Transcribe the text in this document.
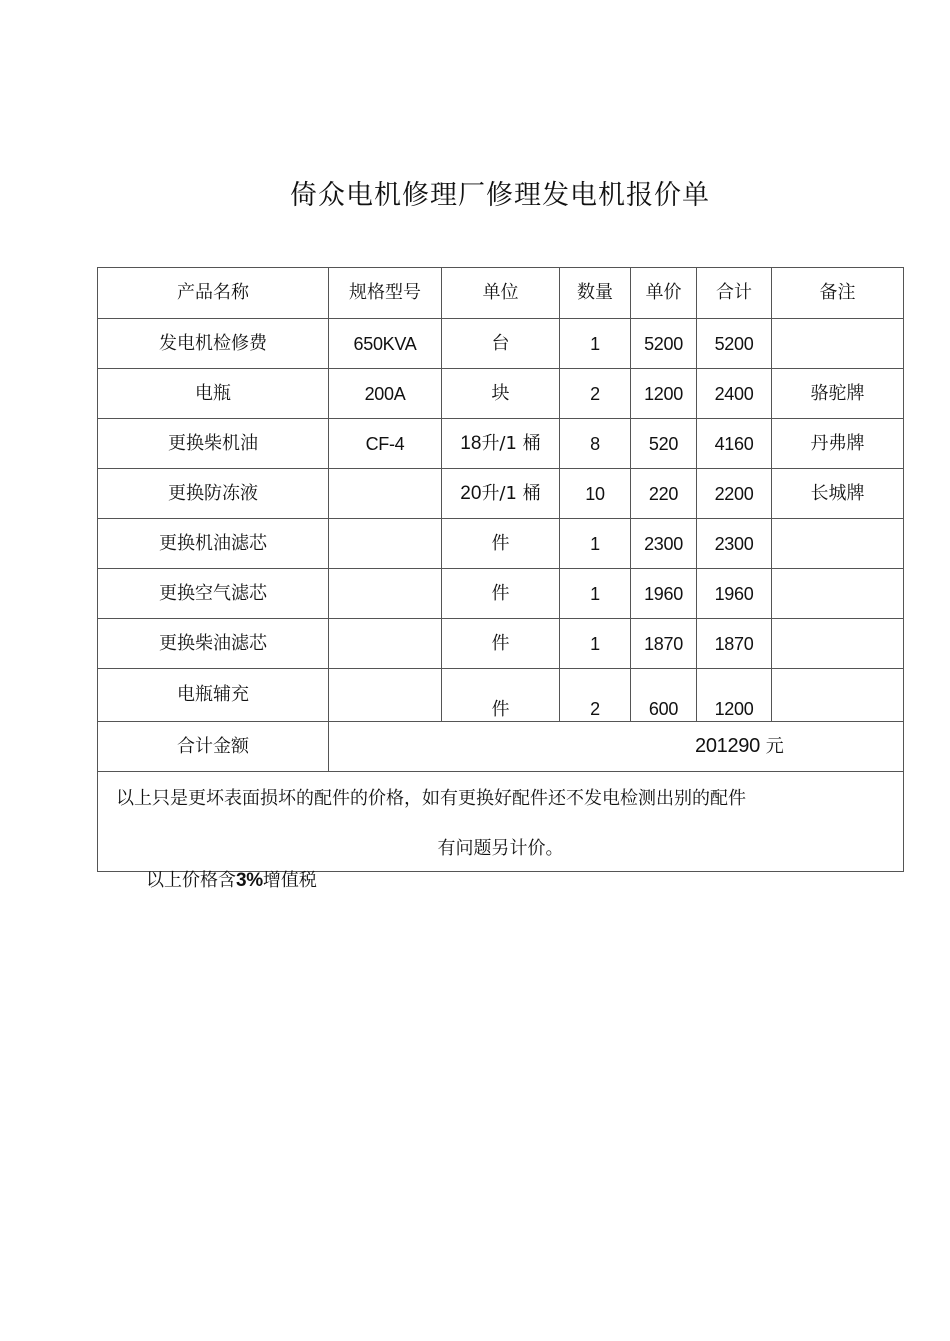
倚众电机修理厂修理发电机报价单
产品名称	规格型号	单位	数量	单价	合计	备注
发电机检修费	650KVA	台	1	5200	5200	
电瓶	200A	块	2	1200	2400	骆驼牌
更换柴机油	CF-4	18升/1 桶	8	520	4160	丹弗牌
更换防冻液		20升/1 桶	10	220	2200	长城牌
更换机油滤芯		件	1	2300	2300	
更换空气滤芯		件	1	1960	1960	
更换柴油滤芯		件	1	1870	1870	
电瓶辅充		件	2	600	1200	
合计金额	201290 元					

以上只是更坏表面损坏的配件的价格，如有更换好配件还不发电检测出别的配件
有问题另计价。						
以上价格含3%增值税
